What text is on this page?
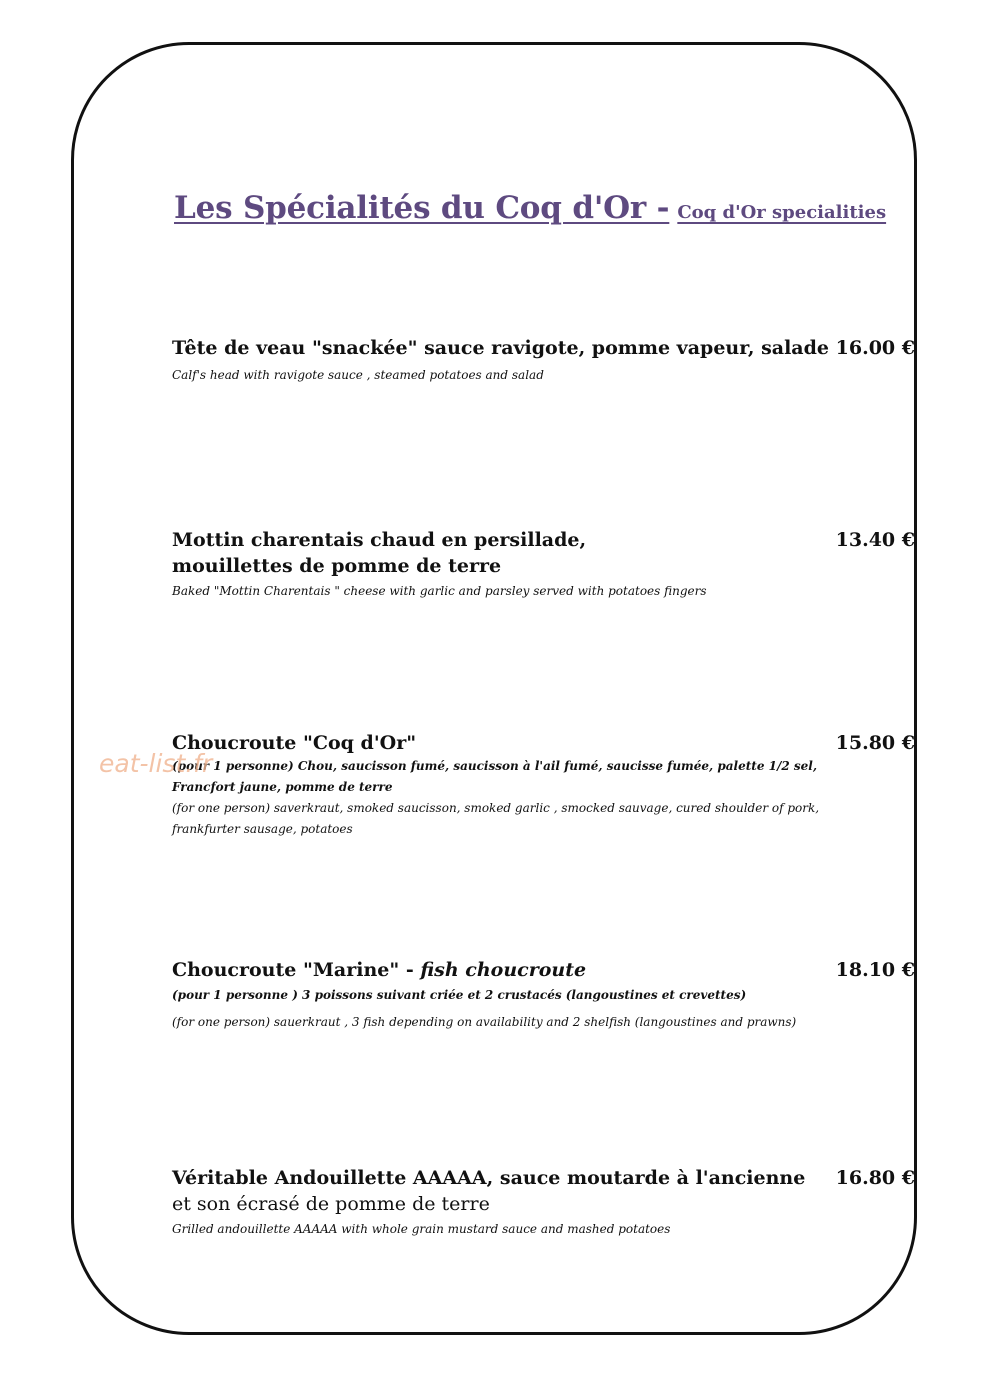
Les Spécialités du Coq d'Or - Coq d'Or specialities
Tête de veau "snackée" sauce ravigote, pomme vapeur, salade 16.00 €
Calf's head with ravigote sauce , steamed potatoes and salad
Mottin charentais chaud en persillade,
mouillettes de pomme de terre
13.40 €
Baked "Mottin Charentais " cheese with garlic and parsley served with potatoes fingers
Choucroute "Coq d'Or"	15.80 €
(pour 1 personne) Chou, saucisson fumé, saucisson à l'ail fumé, saucisse fumée, palette 1/2 sel,
Francfort jaune, pomme de terre
(for one person) saverkraut, smoked saucisson, smoked garlic , smocked sauvage, cured shoulder of pork,
frankfurter sausage, potatoes
Choucroute "Marine" - fish choucroute	18.10 €
(pour 1 personne ) 3 poissons suivant criée et 2 crustacés (langoustines et crevettes)
(for one person) sauerkraut , 3 fish depending on availability and 2 shelfish (langoustines and prawns)
Véritable Andouillette AAAAA, sauce moutarde à l'ancienne
et son écrasé de pomme de terre
16.80 €
Grilled andouillette AAAAA with whole grain mustard sauce and mashed potatoes
eat-list.fr
